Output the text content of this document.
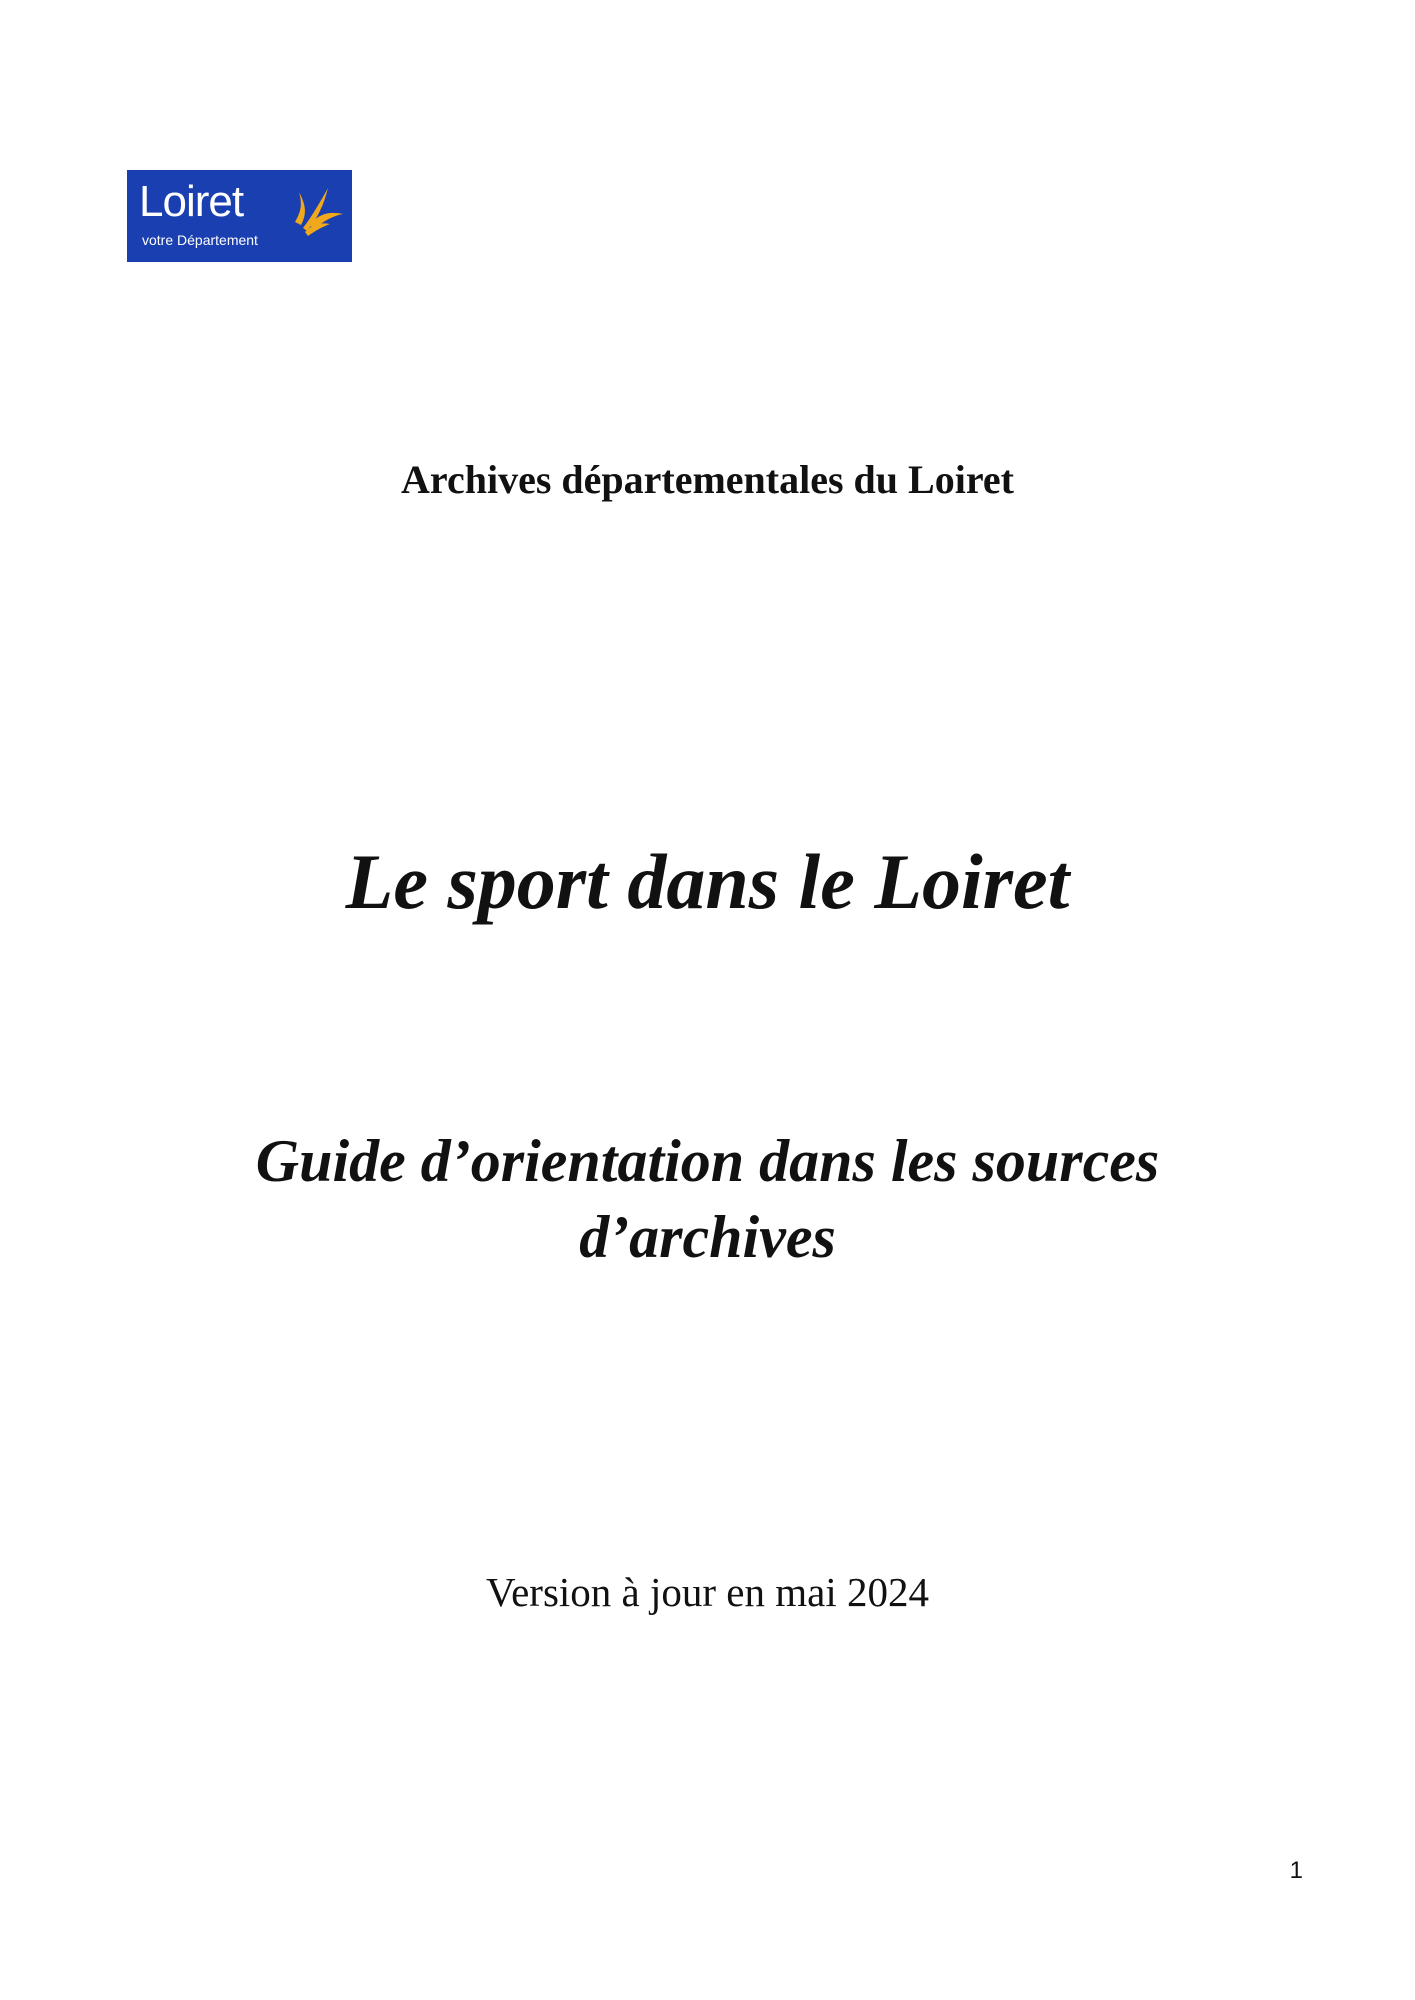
Loiret
votre Département
Archives départementales du Loiret
Le sport dans le Loiret
Guide d’orientation dans les sources
d’archives
Version à jour en mai 2024
1
